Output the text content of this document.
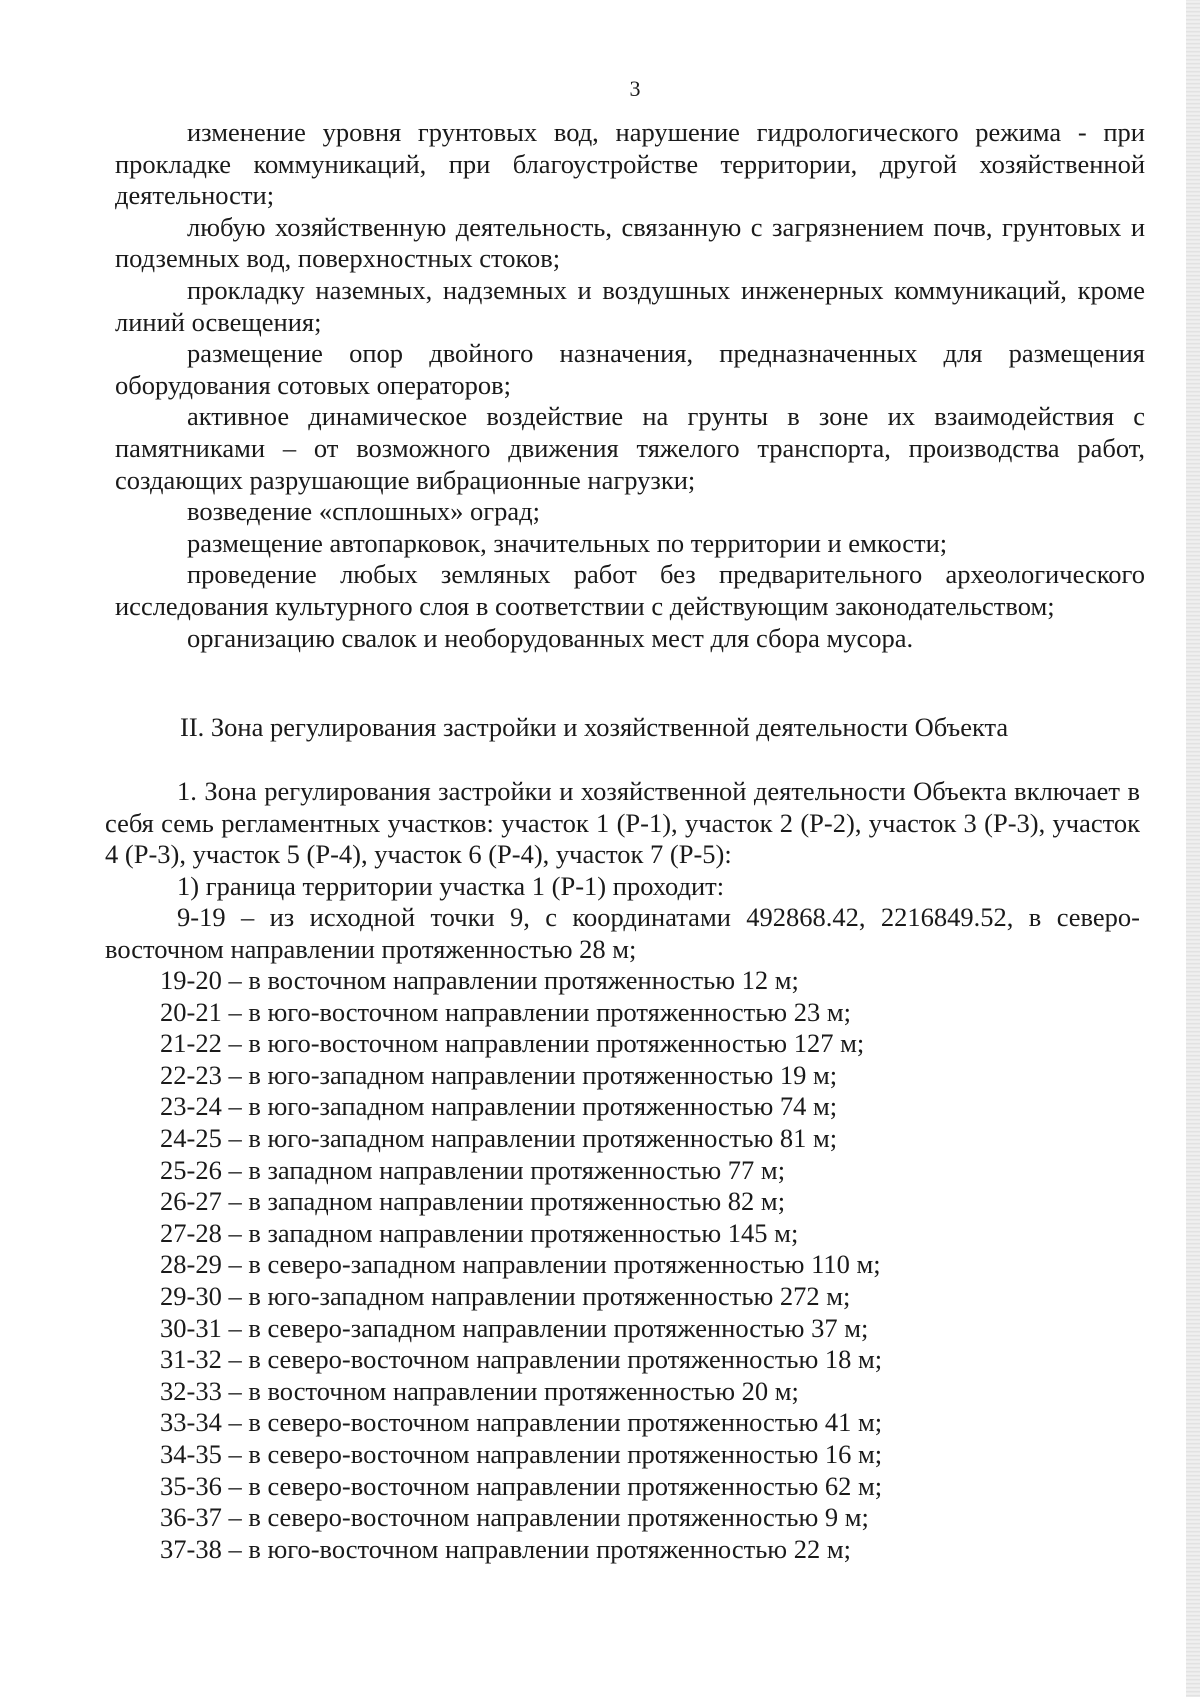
3

изменение уровня грунтовых вод, нарушение гидрологического режима - при прокладке коммуникаций, при благоустройстве территории, другой хозяйственной деятельности;

любую хозяйственную деятельность, связанную с загрязнением почв, грунтовых и подземных вод, поверхностных стоков;

прокладку наземных, надземных и воздушных инженерных коммуникаций, кроме линий освещения;

размещение опор двойного назначения, предназначенных для размещения оборудования сотовых операторов;

активное динамическое воздействие на грунты в зоне их взаимодействия с памятниками – от возможного движения тяжелого транспорта, производства работ, создающих разрушающие вибрационные нагрузки;

возведение «сплошных» оград;

размещение автопарковок, значительных по территории и емкости;

проведение любых земляных работ без предварительного археологического исследования культурного слоя в соответствии с действующим законодательством;

организацию свалок и необорудованных мест для сбора мусора.

II. Зона регулирования застройки и хозяйственной деятельности Объекта

1. Зона регулирования застройки и хозяйственной деятельности Объекта включает в себя семь регламентных участков: участок 1 (Р-1), участок 2 (Р-2), участок 3 (Р-3), участок 4 (Р-3), участок 5 (Р-4), участок 6 (Р-4), участок 7 (Р-5):

1) граница территории участка 1 (Р-1) проходит:

9-19 – из исходной точки 9, с координатами 492868.42, 2216849.52, в северо-восточном направлении протяженностью 28 м;

19-20 – в восточном направлении протяженностью 12 м;

20-21 – в юго-восточном направлении протяженностью 23 м;

21-22 – в юго-восточном направлении протяженностью 127 м;

22-23 – в юго-западном направлении протяженностью 19 м;

23-24 – в юго-западном направлении протяженностью 74 м;

24-25 – в юго-западном направлении протяженностью 81 м;

25-26 – в западном направлении протяженностью 77 м;

26-27 – в западном направлении протяженностью 82 м;

27-28 – в западном направлении протяженностью 145 м;

28-29 – в северо-западном направлении протяженностью 110 м;

29-30 – в юго-западном направлении протяженностью 272 м;

30-31 – в северо-западном направлении протяженностью 37 м;

31-32 – в северо-восточном направлении протяженностью 18 м;

32-33 – в восточном направлении протяженностью 20 м;

33-34 – в северо-восточном направлении протяженностью 41 м;

34-35 – в северо-восточном направлении протяженностью 16 м;

35-36 – в северо-восточном направлении протяженностью 62 м;

36-37 – в северо-восточном направлении протяженностью 9 м;

37-38 – в юго-восточном направлении протяженностью 22 м;
